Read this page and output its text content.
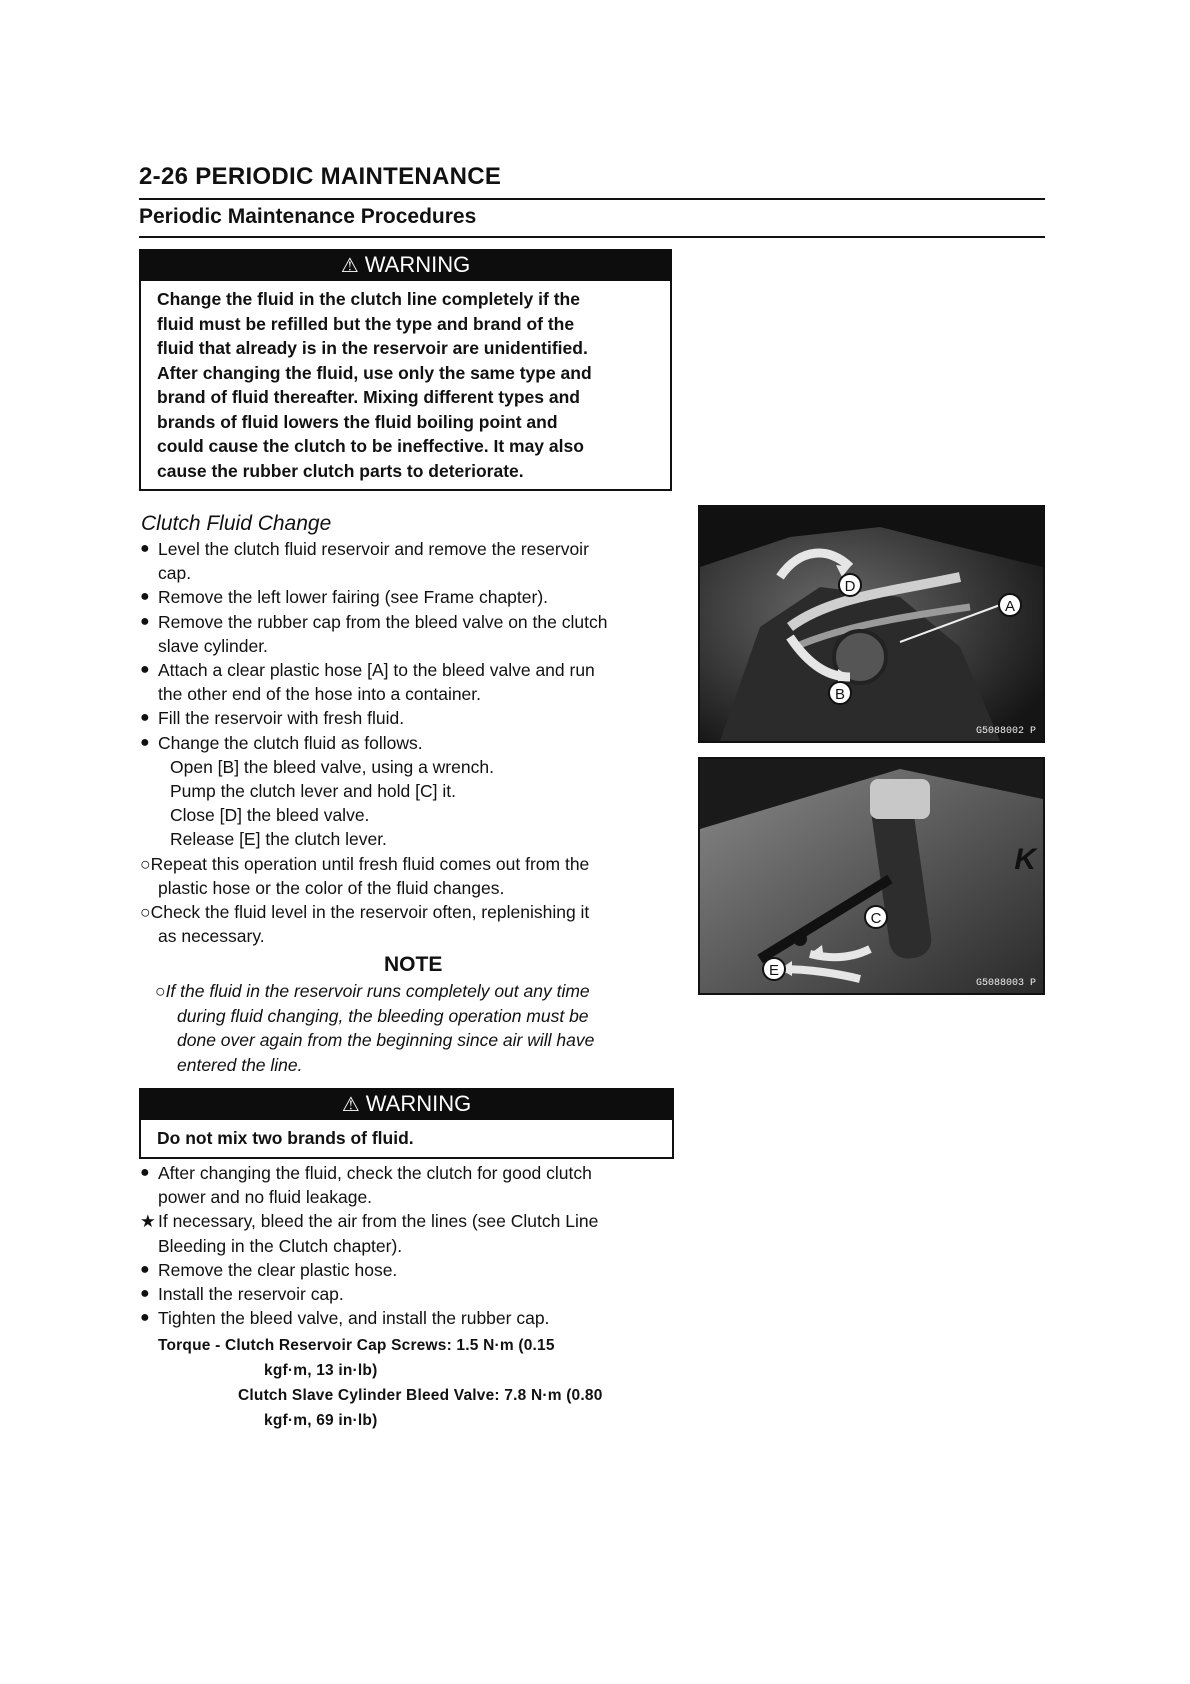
2-26 PERIODIC MAINTENANCE
Periodic Maintenance Procedures
⚠ WARNING
Change the fluid in the clutch line completely if the
fluid must be refilled but the type and brand of the
fluid that already is in the reservoir are unidentified.
After changing the fluid, use only the same type and
brand of fluid thereafter. Mixing different types and
brands of fluid lowers the fluid boiling point and
could cause the clutch to be ineffective. It may also
cause the rubber clutch parts to deteriorate.
Clutch Fluid Change
● Level the clutch fluid reservoir and remove the reservoir
cap.
● Remove the left lower fairing (see Frame chapter).
● Remove the rubber cap from the bleed valve on the clutch
slave cylinder.
● Attach a clear plastic hose [A] to the bleed valve and run
the other end of the hose into a container.
● Fill the reservoir with fresh fluid.
● Change the clutch fluid as follows.
Open [B] the bleed valve, using a wrench.
Pump the clutch lever and hold [C] it.
Close [D] the bleed valve.
Release [E] the clutch lever.
○Repeat this operation until fresh fluid comes out from the
plastic hose or the color of the fluid changes.
○Check the fluid level in the reservoir often, replenishing it
as necessary.
NOTE
○If the fluid in the reservoir runs completely out any time
during fluid changing, the bleeding operation must be
done over again from the beginning since air will have
entered the line.
⚠ WARNING
Do not mix two brands of fluid.
● After changing the fluid, check the clutch for good clutch
power and no fluid leakage.
★ If necessary, bleed the air from the lines (see Clutch Line
Bleeding in the Clutch chapter).
● Remove the clear plastic hose.
● Install the reservoir cap.
● Tighten the bleed valve, and install the rubber cap.
Torque - Clutch Reservoir Cap Screws: 1.5 N·m (0.15
kgf·m, 13 in·lb)
Clutch Slave Cylinder Bleed Valve: 7.8 N·m (0.80
kgf·m, 69 in·lb)
D
A
B
G5088002 P
C
E
K
G5088003 P
